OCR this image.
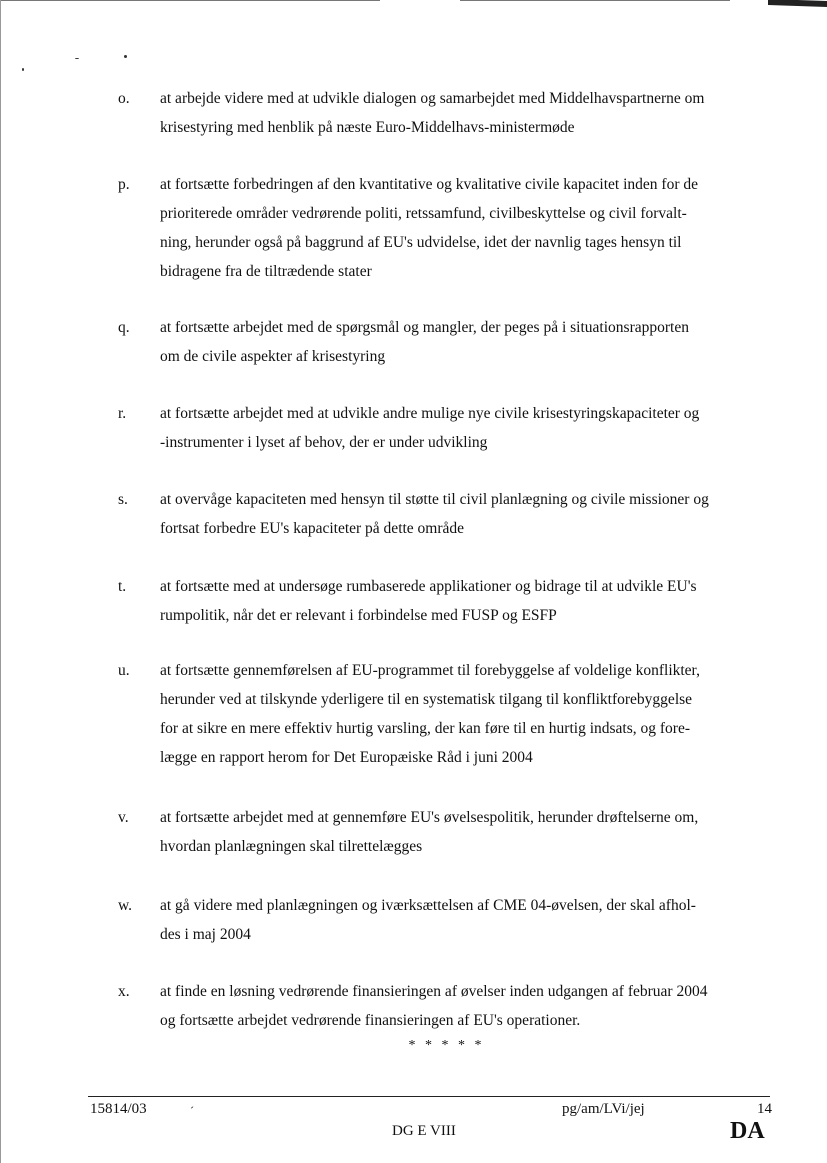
o.	at arbejde videre med at udvikle dialogen og samarbejdet med Middelhavspartnerne om
krisestyring med henblik på næste Euro-Middelhavs-ministermøde
p.	at fortsætte forbedringen af den kvantitative og kvalitative civile kapacitet inden for de
prioriterede områder vedrørende politi, retssamfund, civilbeskyttelse og civil forvalt-
ning, herunder også på baggrund af EU's udvidelse, idet der navnlig tages hensyn til
bidragene fra de tiltrædende stater
q.	at fortsætte arbejdet med de spørgsmål og mangler, der peges på i situationsrapporten
om de civile aspekter af krisestyring
r.	at fortsætte arbejdet med at udvikle andre mulige nye civile krisestyringskapaciteter og
-instrumenter i lyset af behov, der er under udvikling
s.	at overvåge kapaciteten med hensyn til støtte til civil planlægning og civile missioner og
fortsat forbedre EU's kapaciteter på dette område
t.	at fortsætte med at undersøge rumbaserede applikationer og bidrage til at udvikle EU's
rumpolitik, når det er relevant i forbindelse med FUSP og ESFP
u.	at fortsætte gennemførelsen af EU-programmet til forebyggelse af voldelige konflikter,
herunder ved at tilskynde yderligere til en systematisk tilgang til konfliktforebyggelse
for at sikre en mere effektiv hurtig varsling, der kan føre til en hurtig indsats, og fore-
lægge en rapport herom for Det Europæiske Råd i juni 2004
v.	at fortsætte arbejdet med at gennemføre EU's øvelsespolitik, herunder drøftelserne om,
hvordan planlægningen skal tilrettelægges
w.	at gå videre med planlægningen og iværksættelsen af CME 04-øvelsen, der skal afhol-
des i maj 2004
x.	at finde en løsning vedrørende finansieringen af øvelser inden udgangen af februar 2004
og fortsætte arbejdet vedrørende finansieringen af EU's operationer.
* * * * *
15814/03	´	pg/am/LVi/jej	14
DG E VIII	DA
